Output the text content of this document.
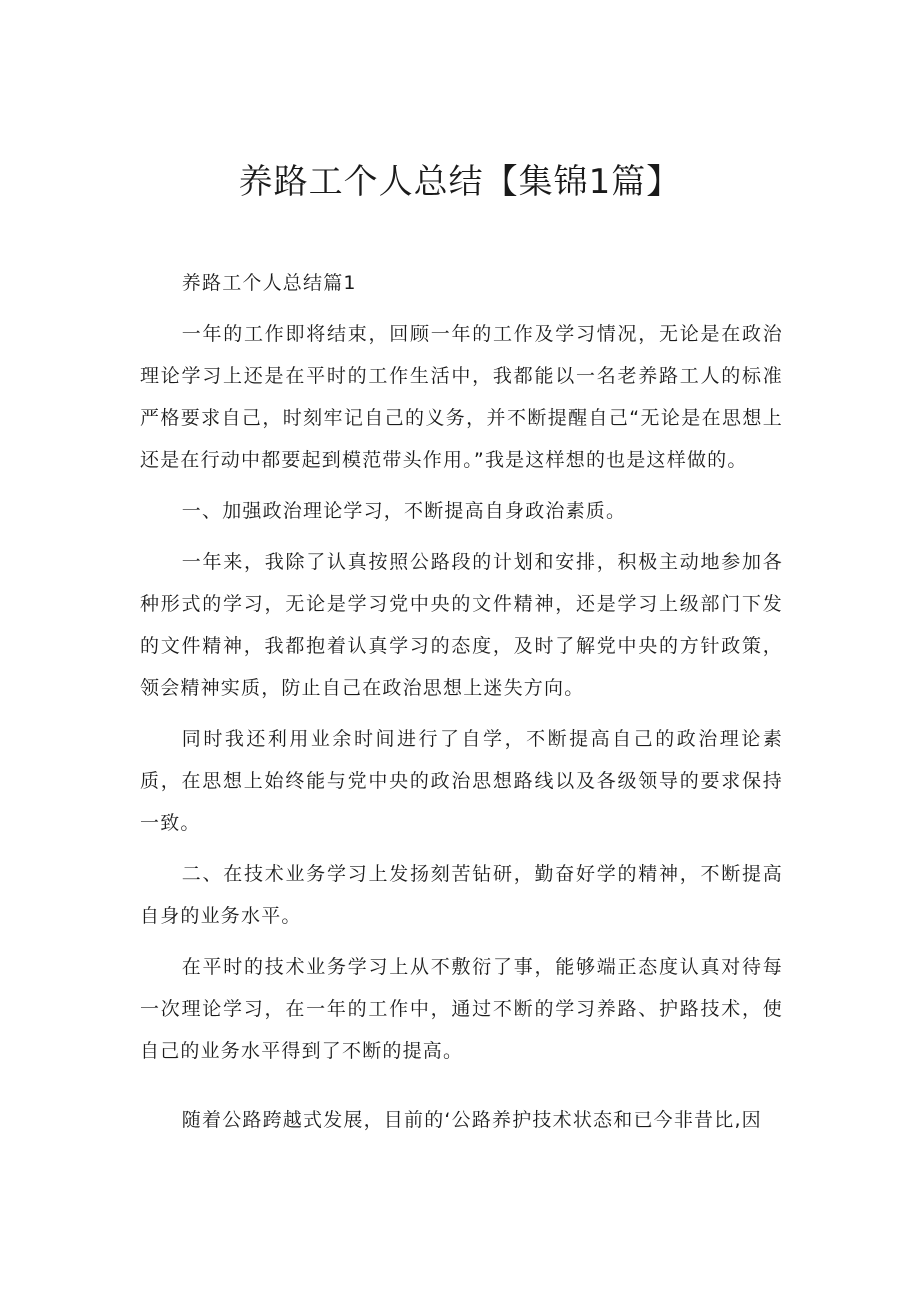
养路工个人总结【集锦1篇】

养路工个人总结篇1

一年的工作即将结束，回顾一年的工作及学习情况，无论是在政治理论学习上还是在平时的工作生活中，我都能以一名老养路工人的标准严格要求自己，时刻牢记自己的义务，并不断提醒自己“无论是在思想上还是在行动中都要起到模范带头作用。”我是这样想的也是这样做的。

一、加强政治理论学习，不断提高自身政治素质。

一年来，我除了认真按照公路段的计划和安排，积极主动地参加各种形式的学习，无论是学习党中央的文件精神，还是学习上级部门下发的文件精神，我都抱着认真学习的态度，及时了解党中央的方针政策，领会精神实质，防止自己在政治思想上迷失方向。

同时我还利用业余时间进行了自学，不断提高自己的政治理论素质，在思想上始终能与党中央的政治思想路线以及各级领导的要求保持一致。

二、在技术业务学习上发扬刻苦钻研，勤奋好学的精神，不断提高自身的业务水平。

在平时的技术业务学习上从不敷衍了事，能够端正态度认真对待每一次理论学习，在一年的工作中，通过不断的学习养路、护路技术，使自己的业务水平得到了不断的提高。

随着公路跨越式发展，目前的‘公路养护技术状态和已今非昔比,因
